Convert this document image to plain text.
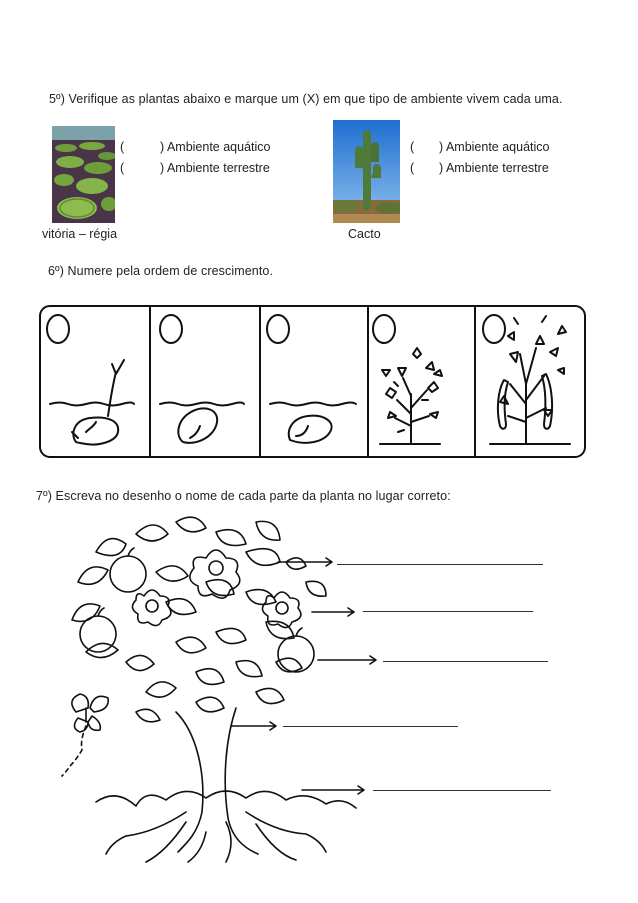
5º) Verifique as plantas abaixo e marque um (X) em que tipo de ambiente vivem cada uma.
(	) Ambiente aquático
(	) Ambiente terrestre
vitória – régia
( ) Ambiente aquático
( ) Ambiente terrestre
Cacto
6º) Numere pela ordem de crescimento.
7º) Escreva no desenho o nome de cada parte da planta no lugar correto:
